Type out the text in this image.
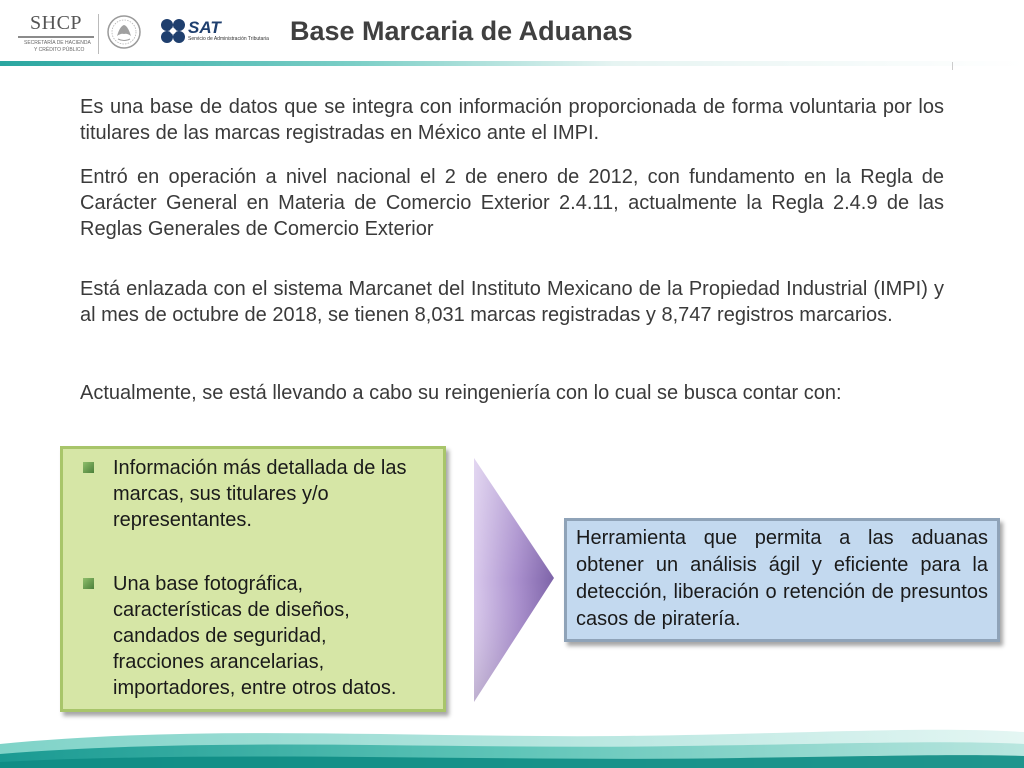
SHCP
SECRETARÍA DE HACIENDA
Y CRÉDITO PÚBLICO
SAT
Servicio de Administración Tributaria Base Marcaria de Aduanas

Es una base de datos que se integra con información proporcionada de forma voluntaria por los titulares de las marcas registradas en México ante el IMPI.

Entró en operación a nivel nacional el 2 de enero de 2012, con fundamento en la Regla de Carácter General en Materia de Comercio Exterior 2.4.11, actualmente la Regla 2.4.9 de las Reglas Generales de Comercio Exterior

Está enlazada con el sistema Marcanet del Instituto Mexicano de la Propiedad Industrial (IMPI) y al mes de octubre de 2018, se tienen 8,031 marcas registradas y 8,747 registros marcarios.

Actualmente, se está llevando a cabo su reingeniería con lo cual se busca contar con:

Información más detallada de las marcas, sus titulares y/o representantes.
Una base fotográfica, características de diseños, candados de seguridad, fracciones arancelarias, importadores, entre otros datos.

Herramienta que permita a las aduanas obtener un análisis ágil y eficiente para la detección, liberación o retención de presuntos casos de piratería.
